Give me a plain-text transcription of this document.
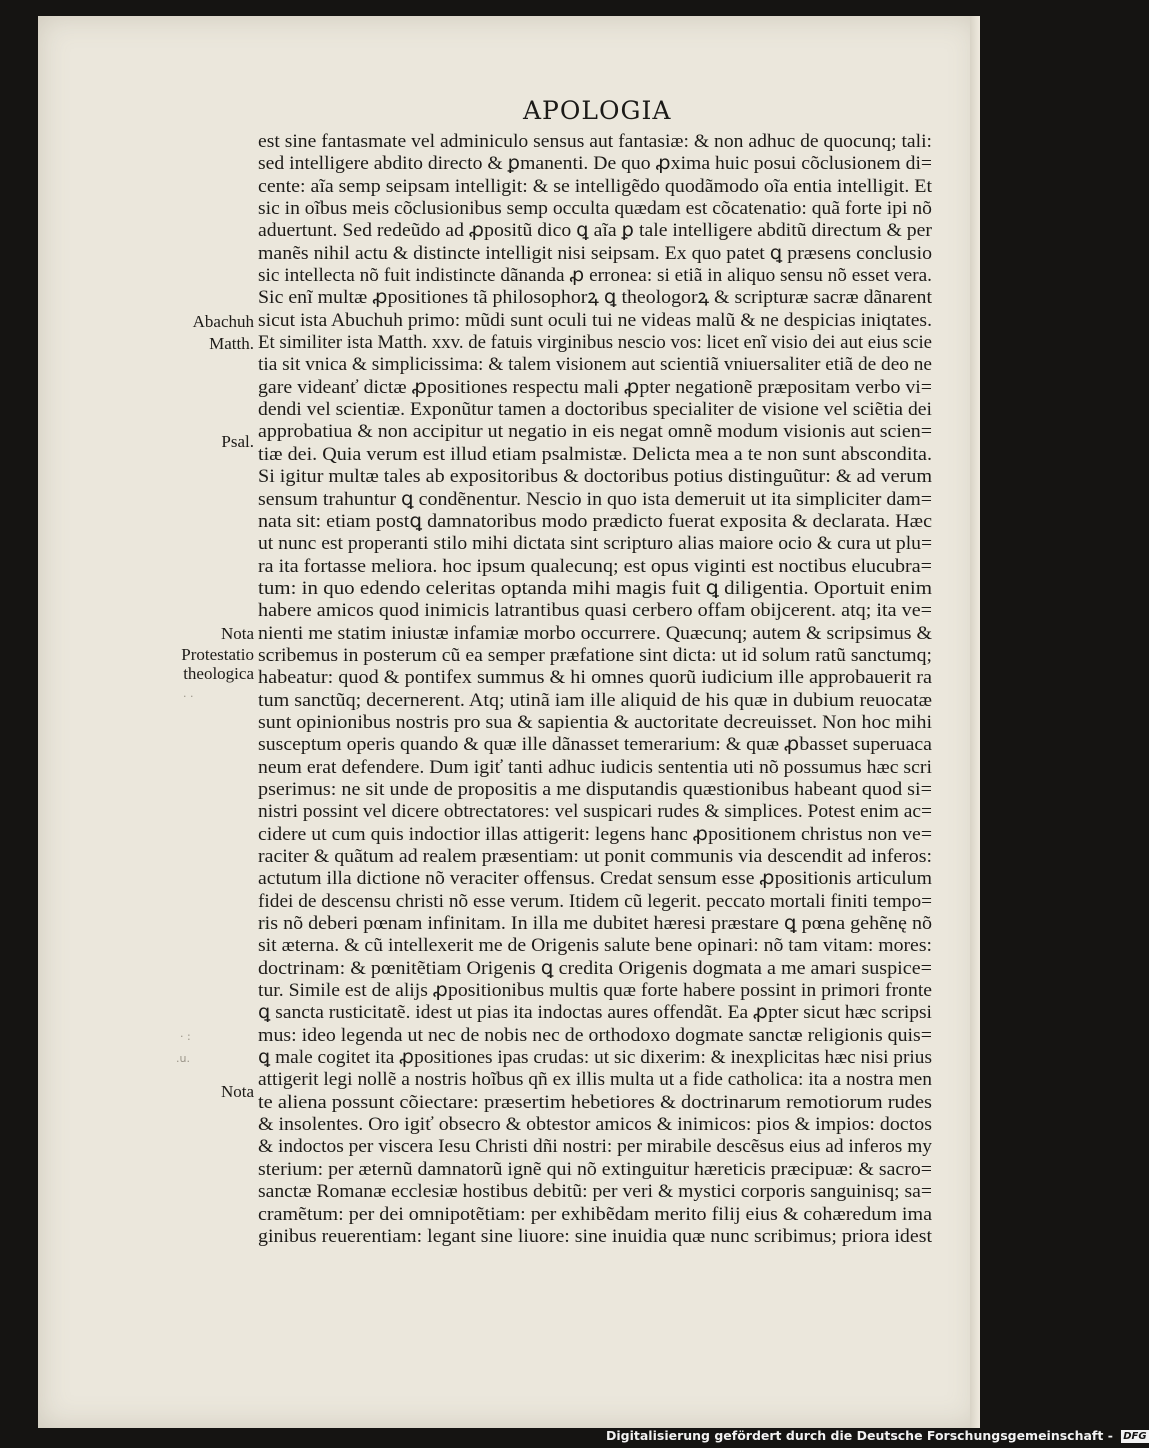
APOLOGIA
Abachuh
Matth.
Psal.
Nota
Protestatio
theologica
Nota
· ·
· :
.u.
est sine fantasmate vel adminiculo sensus aut fantasiæ: & non adhuc de quocunq; tali:
sed intelligere abdito directo & ꝑmanenti. De quo ꝓxima huic posui cõclusionem di=
cente: aĩa semp seipsam intelligit: & se intelligẽdo quodãmodo oĩa entia intelligit. Et
sic in oĩbus meis cõclusionibus semp occulta quædam est cõcatenatio: quã forte ipi nõ
aduertunt. Sed redeũdo ad ꝓpositũ dico ꝗ aĩa ꝑ tale intelligere abditũ directum & per
manẽs nihil actu & distincte intelligit nisi seipsam. Ex quo patet ꝗ præsens conclusio
sic intellecta nõ fuit indistincte dãnanda ꝓ erronea: si etiã in aliquo sensu nõ esset vera.
Sic enĩ multæ ꝓpositiones tã philosophorꝝ ꝗ theologorꝝ & scripturæ sacræ dãnarent
sicut ista Abuchuh primo: mũdi sunt oculi tui ne videas malũ & ne despicias iniqtates.
Et similiter ista Matth. xxv. de fatuis virginibus nescio vos: licet enĩ visio dei aut eius scie
tia sit vnica & simplicissima: & talem visionem aut scientiã vniuersaliter etiã de deo ne
gare videanť dictæ ꝓpositiones respectu mali ꝓpter negationẽ præpositam verbo vi=
dendi vel scientiæ. Exponũtur tamen a doctoribus specialiter de visione vel sciẽtia dei
approbatiua & non accipitur ut negatio in eis negat omnẽ modum visionis aut scien=
tiæ dei. Quia verum est illud etiam psalmistæ. Delicta mea a te non sunt abscondita.
Si igitur multæ tales ab expositoribus & doctoribus potius distinguũtur: & ad verum
sensum trahuntur ꝗ condẽnentur. Nescio in quo ista demeruit ut ita simpliciter dam=
nata sit: etiam postꝗ damnatoribus modo prædicto fuerat exposita & declarata. Hæc
ut nunc est properanti stilo mihi dictata sint scripturo alias maiore ocio & cura ut plu=
ra ita fortasse meliora. hoc ipsum qualecunq; est opus viginti est noctibus elucubra=
tum: in quo edendo celeritas optanda mihi magis fuit ꝗ diligentia. Oportuit enim
habere amicos quod inimicis latrantibus quasi cerbero offam obijcerent. atq; ita ve=
nienti me statim iniustæ infamiæ morbo occurrere. Quæcunq; autem & scripsimus &
scribemus in posterum cũ ea semper præfatione sint dicta: ut id solum ratũ sanctumq;
habeatur: quod & pontifex summus & hi omnes quorũ iudicium ille approbauerit ra
tum sanctũq; decernerent. Atq; utinã iam ille aliquid de his quæ in dubium reuocatæ
sunt opinionibus nostris pro sua & sapientia & auctoritate decreuisset. Non hoc mihi
susceptum operis quando & quæ ille dãnasset temerarium: & quæ ꝓbasset superuaca
neum erat defendere. Dum igiť tanti adhuc iudicis sententia uti nõ possumus hæc scri
pserimus: ne sit unde de propositis a me disputandis quæstionibus habeant quod si=
nistri possint vel dicere obtrectatores: vel suspicari rudes & simplices. Potest enim ac=
cidere ut cum quis indoctior illas attigerit: legens hanc ꝓpositionem christus non ve=
raciter & quãtum ad realem præsentiam: ut ponit communis via descendit ad inferos:
actutum illa dictione nõ veraciter offensus. Credat sensum esse ꝓpositionis articulum
fidei de descensu christi nõ esse verum. Itidem cũ legerit. peccato mortali finiti tempo=
ris nõ deberi pœnam infinitam. In illa me dubitet hæresi præstare ꝗ pœna gehẽnę nõ
sit æterna. & cũ intellexerit me de Origenis salute bene opinari: nõ tam vitam: mores:
doctrinam: & pœnitẽtiam Origenis ꝗ credita Origenis dogmata a me amari suspice=
tur. Simile est de alijs ꝓpositionibus multis quæ forte habere possint in primori fronte
ꝗ sancta rusticitatẽ. idest ut pias ita indoctas aures offendãt. Ea ꝓpter sicut hæc scripsi
mus: ideo legenda ut nec de nobis nec de orthodoxo dogmate sanctæ religionis quis=
ꝗ male cogitet ita ꝓpositiones ipas crudas: ut sic dixerim: & inexplicitas hæc nisi prius
attigerit legi nollẽ a nostris hoĩbus qñ ex illis multa ut a fide catholica: ita a nostra men
te aliena possunt cõiectare: præsertim hebetiores & doctrinarum remotiorum rudes
& insolentes. Oro igiť obsecro & obtestor amicos & inimicos: pios & impios: doctos
& indoctos per viscera Iesu Christi dñi nostri: per mirabile descẽsus eius ad inferos my
sterium: per æternũ damnatorũ ignẽ qui nõ extinguitur hæreticis præcipuæ: & sacro=
sanctæ Romanæ ecclesiæ hostibus debitũ: per veri & mystici corporis sanguinisq; sa=
cramẽtum: per dei omnipotẽtiam: per exhibẽdam merito filij eius & cohæredum ima
ginibus reuerentiam: legant sine liuore: sine inuidia quæ nunc scribimus; priora idest
Digitalisierung gefördert durch die Deutsche Forschungsgemeinschaft - DFG
